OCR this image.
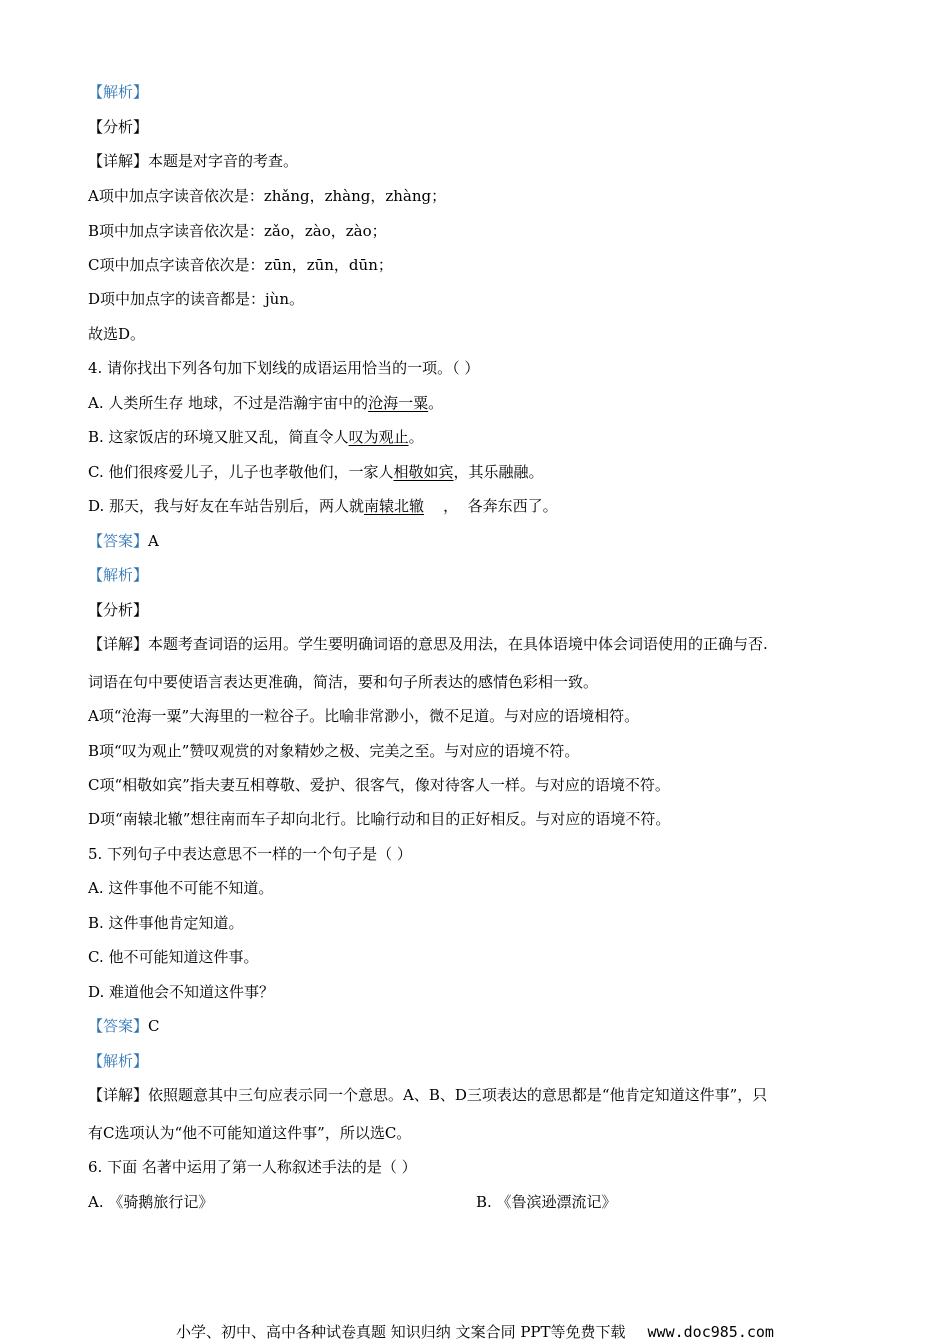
【解析】
【分析】
【详解】本题是对字音的考查。
A项中加点字读音依次是：zhǎng，zhàng，zhàng；
B项中加点字读音依次是：zǎo，zào，zào；
C项中加点字读音依次是：zūn，zūn，dūn；
D项中加点字的读音都是：jùn。
故选D。
4. 请你找出下列各句加下划线的成语运用恰当的一项。（ ）
A. 人类所生存 地球，不过是浩瀚宇宙中的沧海一粟。
B. 这家饭店的环境又脏又乱，简直令人叹为观止。
C. 他们很疼爱儿子，儿子也孝敬他们，一家人相敬如宾，其乐融融。
D. 那天，我与好友在车站告别后，两人就南辕北辙    ，  各奔东西了。
【答案】A
【解析】
【分析】
【详解】本题考查词语的运用。学生要明确词语的意思及用法，在具体语境中体会词语使用的正确与否.
词语在句中要使语言表达更准确，简洁，要和句子所表达的感情色彩相一致。
A项“沧海一粟”大海里的一粒谷子。比喻非常渺小，微不足道。与对应的语境相符。
B项“叹为观止”赞叹观赏的对象精妙之极、完美之至。与对应的语境不符。
C项“相敬如宾”指夫妻互相尊敬、爱护、很客气，像对待客人一样。与对应的语境不符。
D项“南辕北辙”想往南而车子却向北行。比喻行动和目的正好相反。与对应的语境不符。
5. 下列句子中表达意思不一样的一个句子是（ ）
A. 这件事他不可能不知道。
B. 这件事他肯定知道。
C. 他不可能知道这件事。
D. 难道他会不知道这件事？
【答案】C
【解析】
【详解】依照题意其中三句应表示同一个意思。A、B、D三项表达的意思都是“他肯定知道这件事”，只
有C选项认为“他不可能知道这件事”，所以选C。
6. 下面 名著中运用了第一人称叙述手法的是（ ）
A. 《骑鹅旅行记》	B. 《鲁滨逊漂流记》
小学、初中、高中各种试卷真题 知识归纳 文案合同 PPT等免费下载 www.doc985.com
